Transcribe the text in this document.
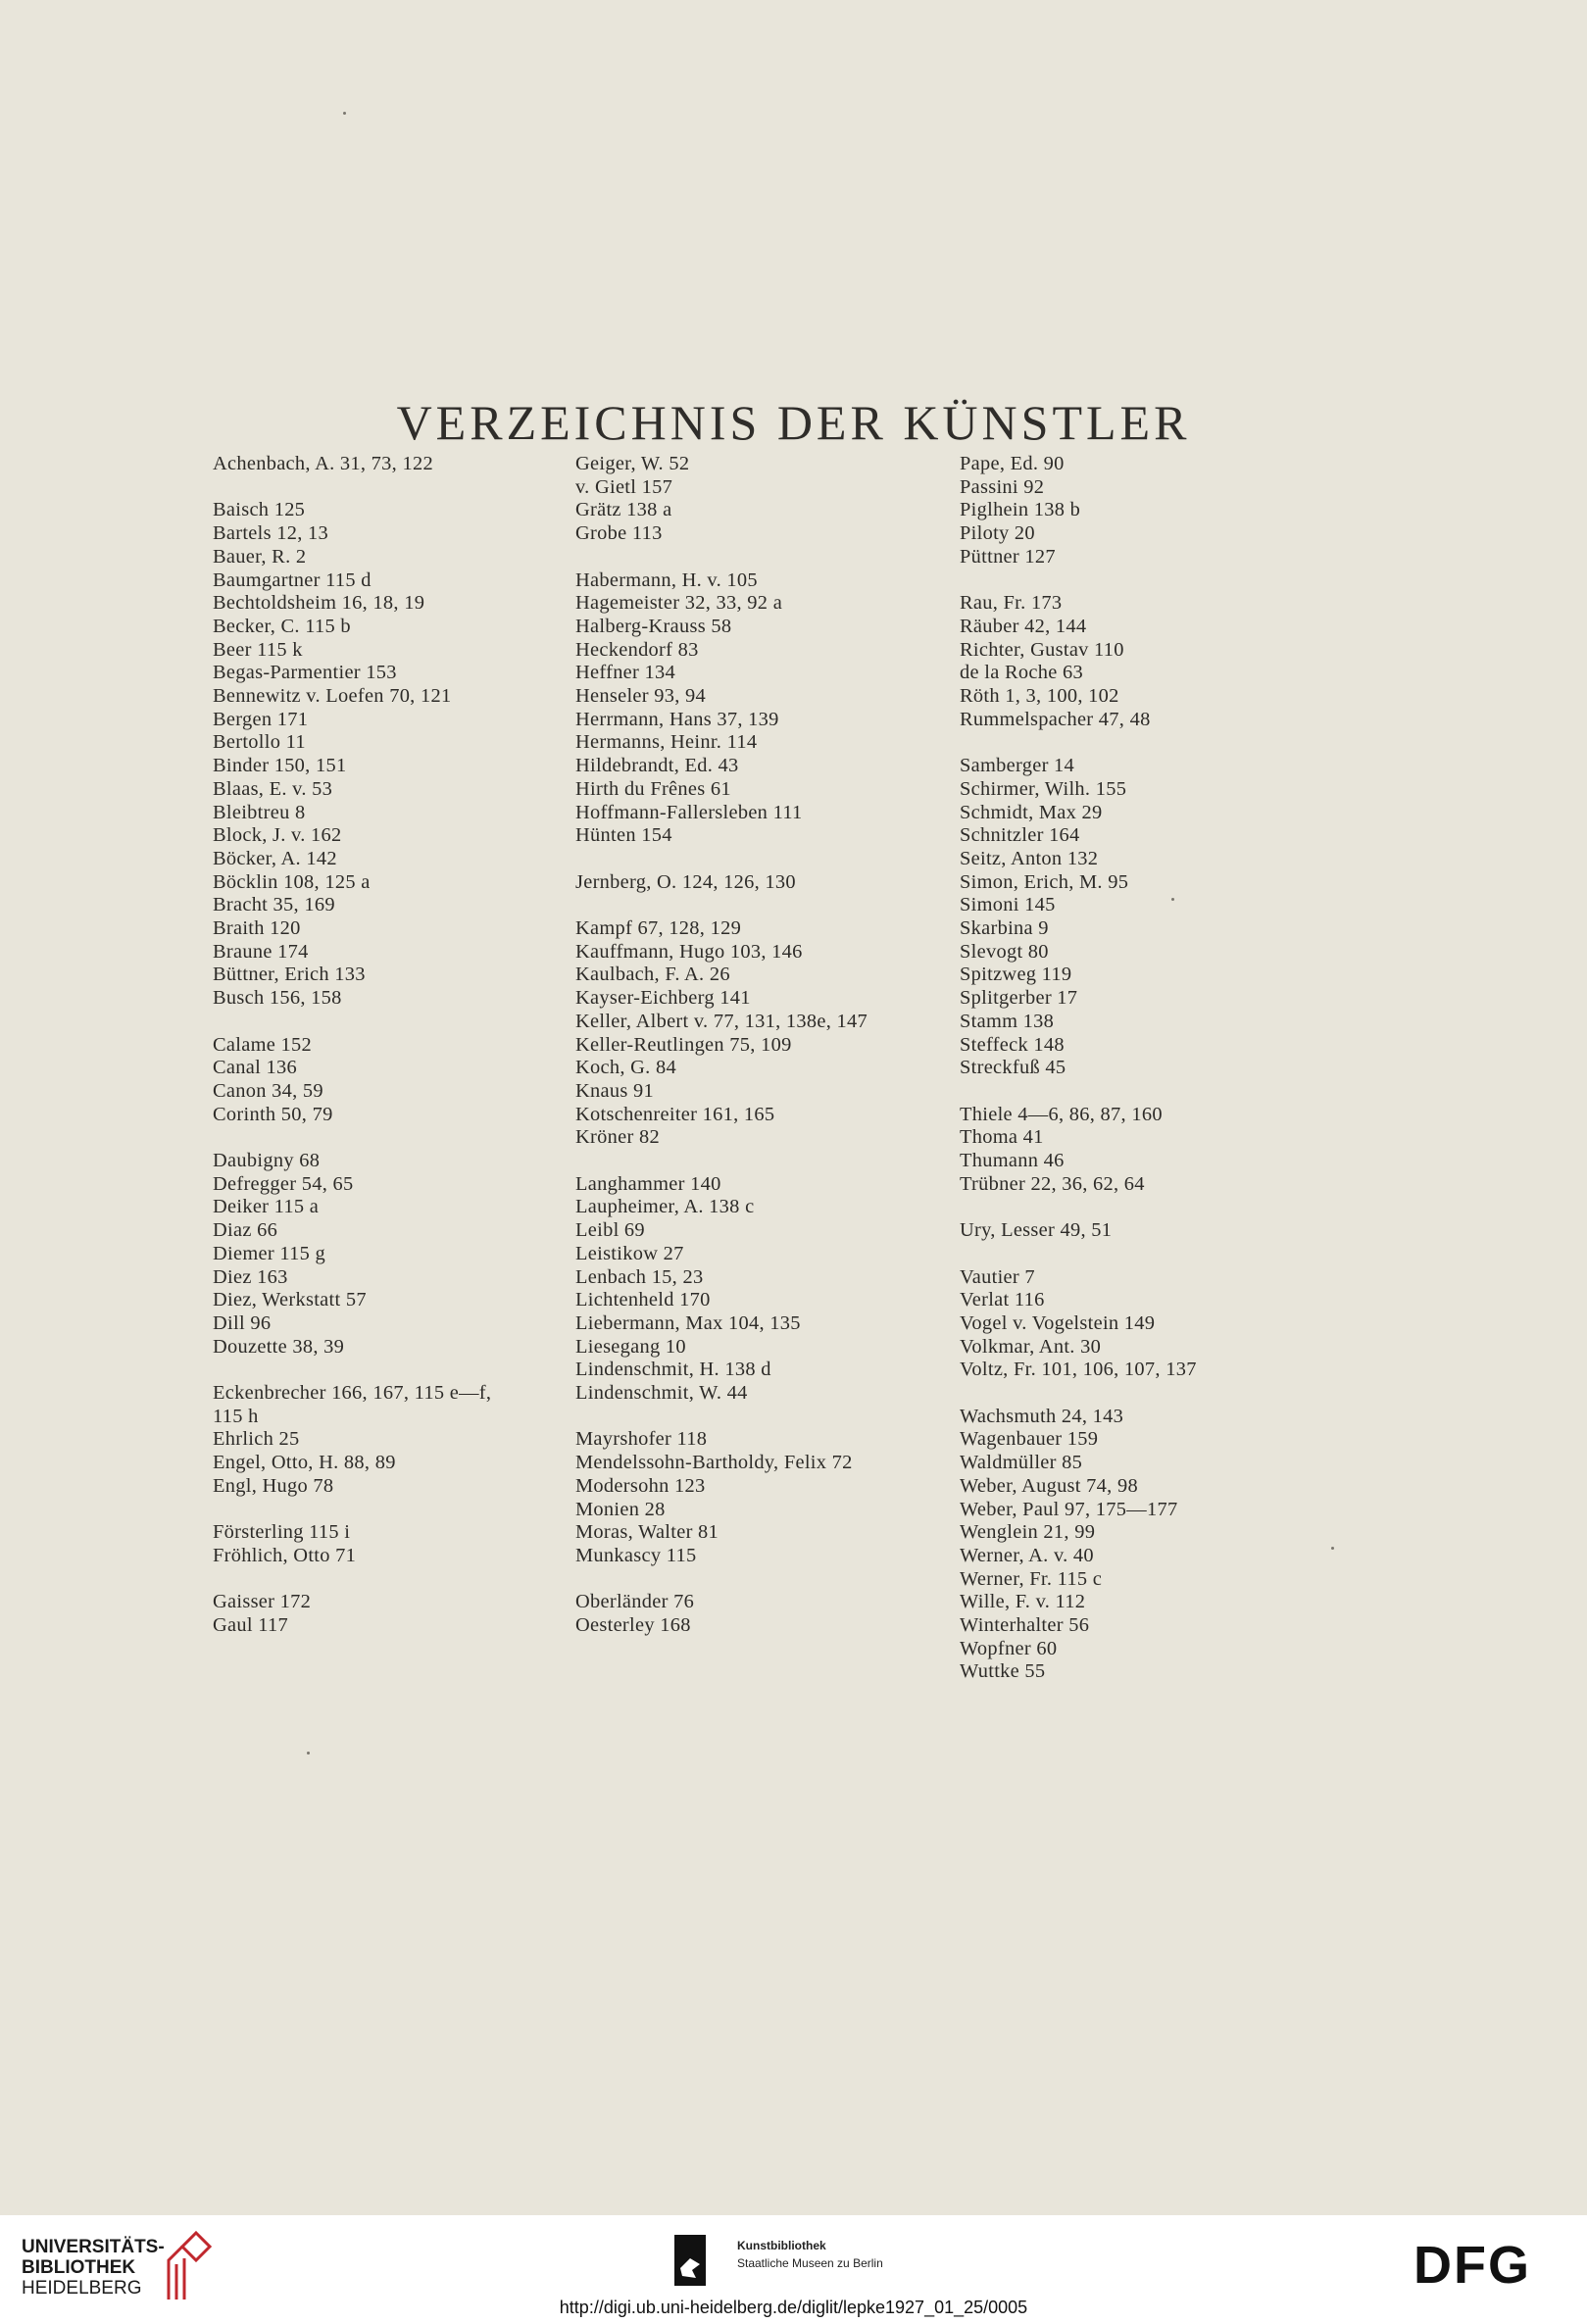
VERZEICHNIS DER KÜNSTLER
Achenbach, A. 31, 73, 122
Baisch 125
Bartels 12, 13
Bauer, R. 2
Baumgartner 115 d
Bechtoldsheim 16, 18, 19
Becker, C. 115 b
Beer 115 k
Begas-Parmentier 153
Bennewitz v. Loefen 70, 121
Bergen 171
Bertollo 11
Binder 150, 151
Blaas, E. v. 53
Bleibtreu 8
Block, J. v. 162
Böcker, A. 142
Böcklin 108, 125 a
Bracht 35, 169
Braith 120
Braune 174
Büttner, Erich 133
Busch 156, 158
Calame 152
Canal 136
Canon 34, 59
Corinth 50, 79
Daubigny 68
Defregger 54, 65
Deiker 115 a
Diaz 66
Diemer 115 g
Diez 163
Diez, Werkstatt 57
Dill 96
Douzette 38, 39
Eckenbrecher 166, 167, 115 e—f,
115 h
Ehrlich 25
Engel, Otto, H. 88, 89
Engl, Hugo 78
Försterling 115 i
Fröhlich, Otto 71
Gaisser 172
Gaul 117
Geiger, W. 52
v. Gietl 157
Grätz 138 a
Grobe 113
Habermann, H. v. 105
Hagemeister 32, 33, 92 a
Halberg-Krauss 58
Heckendorf 83
Heffner 134
Henseler 93, 94
Herrmann, Hans 37, 139
Hermanns, Heinr. 114
Hildebrandt, Ed. 43
Hirth du Frênes 61
Hoffmann-Fallersleben 111
Hünten 154
Jernberg, O. 124, 126, 130
Kampf 67, 128, 129
Kauffmann, Hugo 103, 146
Kaulbach, F. A. 26
Kayser-Eichberg 141
Keller, Albert v. 77, 131, 138e, 147
Keller-Reutlingen 75, 109
Koch, G. 84
Knaus 91
Kotschenreiter 161, 165
Kröner 82
Langhammer 140
Laupheimer, A. 138 c
Leibl 69
Leistikow 27
Lenbach 15, 23
Lichtenheld 170
Liebermann, Max 104, 135
Liesegang 10
Lindenschmit, H. 138 d
Lindenschmit, W. 44
Mayrshofer 118
Mendelssohn-Bartholdy, Felix 72
Modersohn 123
Monien 28
Moras, Walter 81
Munkascy 115
Oberländer 76
Oesterley 168
Pape, Ed. 90
Passini 92
Piglhein 138 b
Piloty 20
Püttner 127
Rau, Fr. 173
Räuber 42, 144
Richter, Gustav 110
de la Roche 63
Röth 1, 3, 100, 102
Rummelspacher 47, 48
Samberger 14
Schirmer, Wilh. 155
Schmidt, Max 29
Schnitzler 164
Seitz, Anton 132
Simon, Erich, M. 95
Simoni 145
Skarbina 9
Slevogt 80
Spitzweg 119
Splitgerber 17
Stamm 138
Steffeck 148
Streckfuß 45
Thiele 4—6, 86, 87, 160
Thoma 41
Thumann 46
Trübner 22, 36, 62, 64
Ury, Lesser 49, 51
Vautier 7
Verlat 116
Vogel v. Vogelstein 149
Volkmar, Ant. 30
Voltz, Fr. 101, 106, 107, 137
Wachsmuth 24, 143
Wagenbauer 159
Waldmüller 85
Weber, August 74, 98
Weber, Paul 97, 175—177
Wenglein 21, 99
Werner, A. v. 40
Werner, Fr. 115 c
Wille, F. v. 112
Winterhalter 56
Wopfner 60
Wuttke 55
UNIVERSITÄTS-
BIBLIOTHEK
HEIDELBERG
Kunstbibliothek
Staatliche Museen zu Berlin	DFG
http://digi.ub.uni-heidelberg.de/diglit/lepke1927_01_25/0005
